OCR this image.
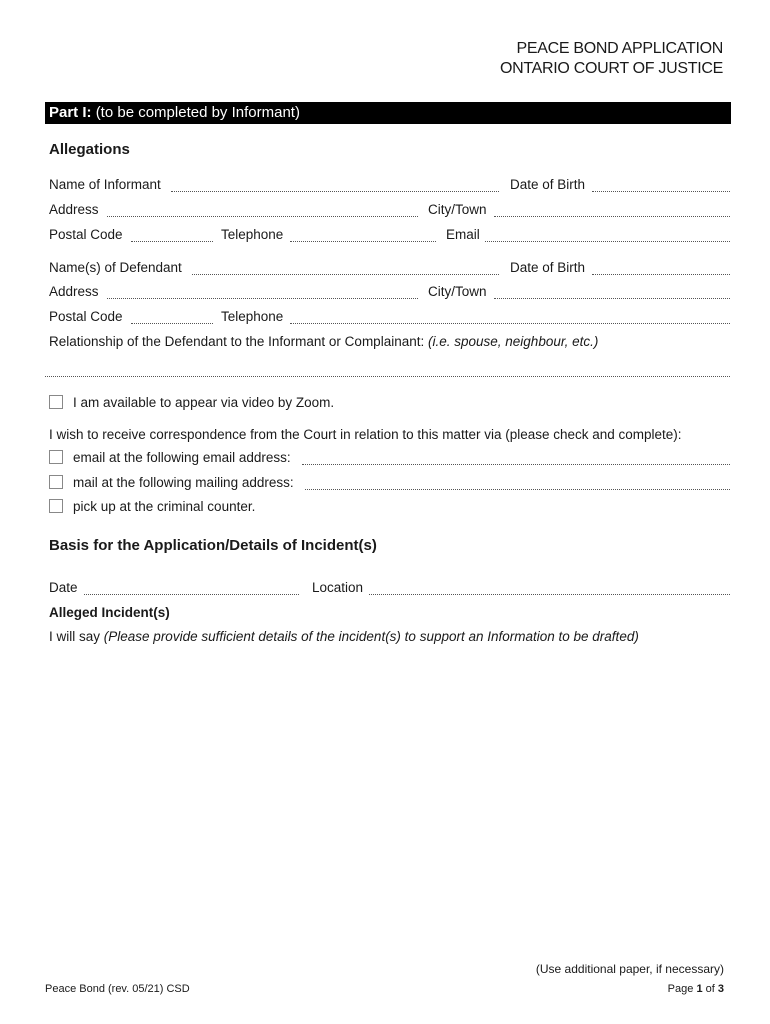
PEACE BOND APPLICATION
ONTARIO COURT OF JUSTICE
Part I: (to be completed by Informant)
Allegations
Name of Informant	Date of Birth
Address	City/Town
Postal Code	Telephone	Email
Name(s) of Defendant	Date of Birth
Address	City/Town
Postal Code	Telephone
Relationship of the Defendant to the Informant or Complainant: (i.e. spouse, neighbour, etc.)
I am available to appear via video by Zoom.
I wish to receive correspondence from the Court in relation to this matter via (please check and complete):
email at the following email address:
mail at the following mailing address:
pick up at the criminal counter.
Basis for the Application/Details of Incident(s)
Date	Location
Alleged Incident(s)
I will say (Please provide sufficient details of the incident(s) to support an Information to be drafted)
(Use additional paper, if necessary)
Peace Bond (rev. 05/21) CSD	Page 1 of 3
